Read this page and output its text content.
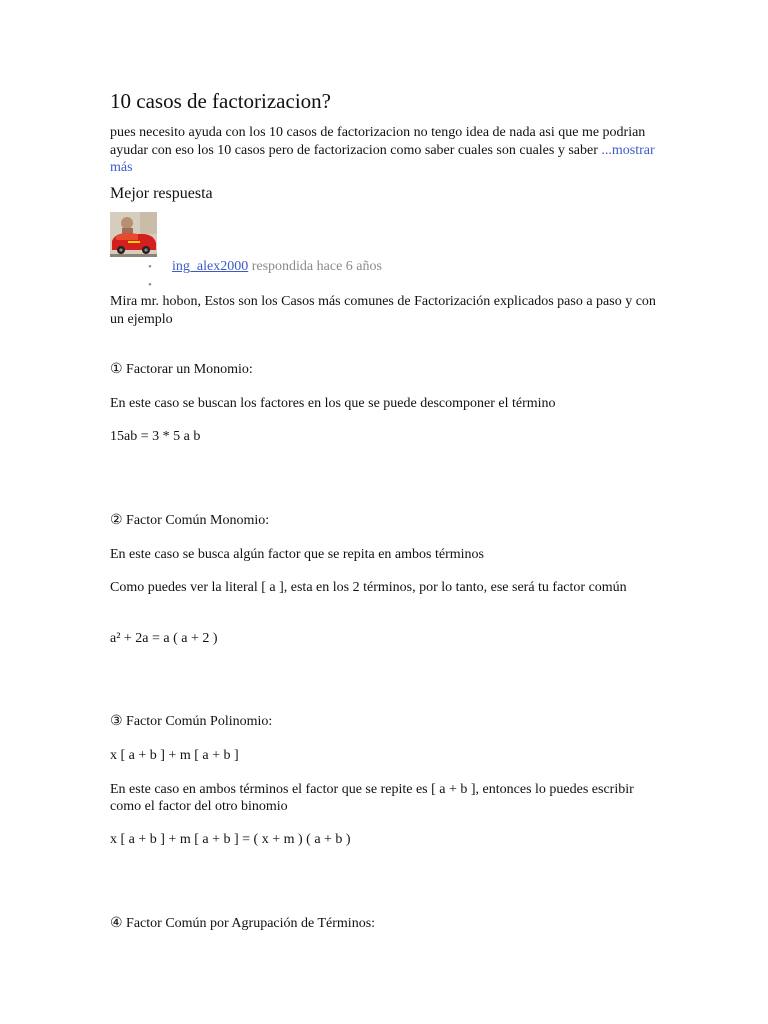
10 casos de factorizacion?
pues necesito ayuda con los 10 casos de factorizacion no tengo idea de nada asi que me podrian ayudar con eso los 10 casos pero de factorizacion como saber cuales son cuales y saber ...mostrar más
Mejor respuesta
• ing_alex2000 respondida hace 6 años
•
Mira mr. hobon, Estos son los Casos más comunes de Factorización explicados paso a paso y con un ejemplo
① Factorar un Monomio:
En este caso se buscan los factores en los que se puede descomponer el término
15ab = 3 * 5 a b
② Factor Común Monomio:
En este caso se busca algún factor que se repita en ambos términos
Como puedes ver la literal [ a ], esta en los 2 términos, por lo tanto, ese será tu factor común
a² + 2a = a ( a + 2 )
③ Factor Común Polinomio:
x [ a + b ] + m [ a + b ]
En este caso en ambos términos el factor que se repite es [ a + b ], entonces lo puedes escribir como el factor del otro binomio
x [ a + b ] + m [ a + b ] = ( x + m ) ( a + b )
④ Factor Común por Agrupación de Términos:
